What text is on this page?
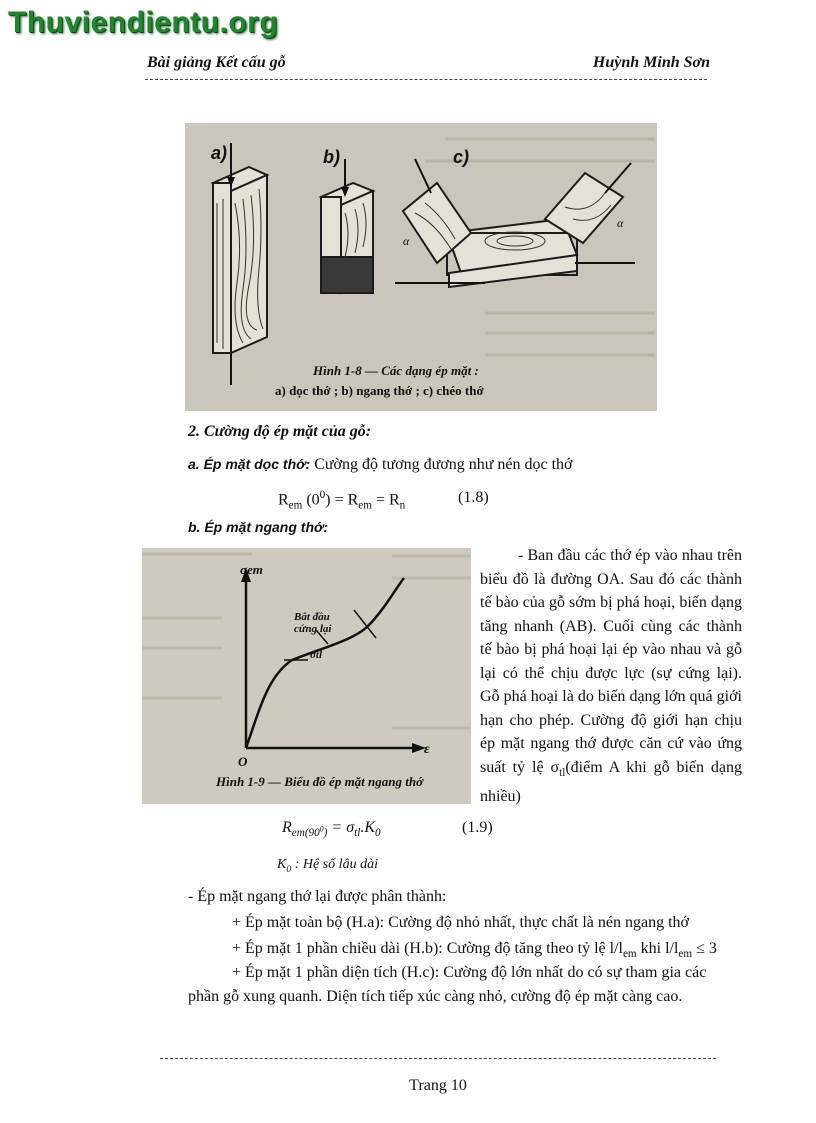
Thuviendientu.org
Bài giảng Kết cấu gỗ	Huỳnh Minh Sơn
α
α
a)	b)	c)
Hình 1-8 — Các dạng ép mặt :
a) dọc thớ ; b) ngang thớ ; c) chéo thớ
2. Cường độ ép mặt của gỗ:
a. Ép mặt dọc thớ: Cường độ tương đương như nén dọc thớ
$R_{em}$ $(0^0) = R_{em} = R_n$	(1.8)
b. Ép mặt ngang thớ:
σem
ε
O
Bắt đầu
cứng lại
σtl
Hình 1-9 — Biểu đồ ép mặt ngang thớ

- Ban đầu các thớ ép vào nhau trên biểu đồ là đường OA. Sau đó các thành tế bào của gỗ sớm bị phá hoại, biến dạng tăng nhanh (AB). Cuối cùng các thành tế bào bị phá hoại lại ép vào nhau và gỗ lại có thể chịu được lực (sự cứng lại). Gỗ phá hoại là do biến dạng lớn quá giới hạn cho phép. Cường độ giới hạn chịu ép mặt ngang thớ được căn cứ vào ứng suất tỷ lệ $\sigma_{tl}(điểm$ A khi gỗ biến dạng nhiều)

$R_{em(90^0)} = \sigma_{tl}.K_0$	(1.9)
$K_0$ : Hệ số lâu dài
- Ép mặt ngang thớ lại được phân thành:
+ Ép mặt toàn bộ (H.a): Cường độ nhỏ nhất, thực chất là nén ngang thớ
+ Ép mặt 1 phần chiều dài (H.b): Cường độ tăng theo tỷ lệ $l/l_{em}$ khi $l/l_{em} \le 3$
+ Ép mặt 1 phần diện tích (H.c): Cường độ lớn nhất do có sự tham gia các
phần gỗ xung quanh. Diện tích tiếp xúc càng nhỏ, cường độ ép mặt càng cao.
Trang 10
